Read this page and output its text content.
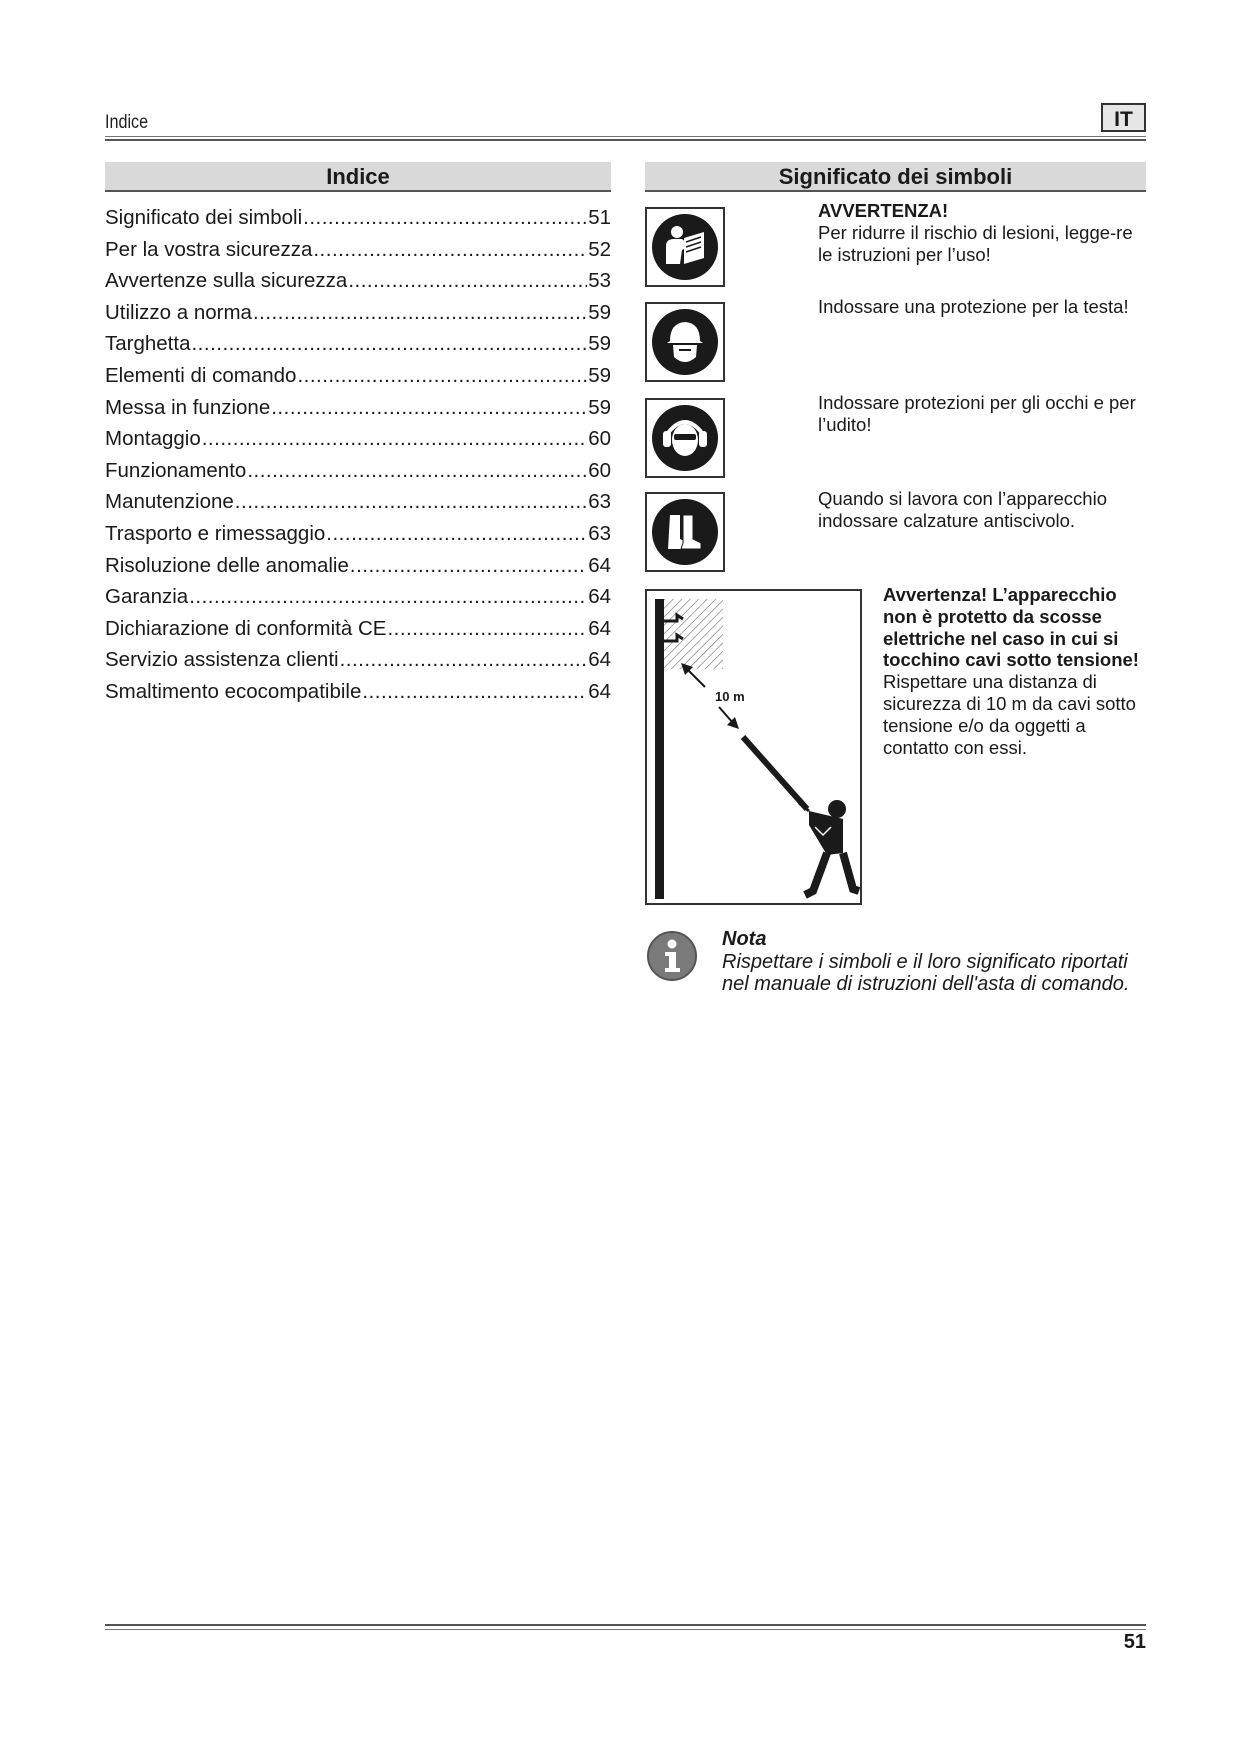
Indice	IT
Indice
Significato dei simboli .....	51
Per la vostra sicurezza .....	52
Avvertenze sulla sicurezza .....	53
Utilizzo a norma .....	59
Targhetta .....	59
Elementi di comando .....	59
Messa in funzione .....	59
Montaggio .....	60
Funzionamento .....	60
Manutenzione .....	63
Trasporto e rimessaggio .....	63
Risoluzione delle anomalie .....	64
Garanzia .....	64
Dichiarazione di conformità CE .....	64
Servizio assistenza clienti .....	64
Smaltimento ecocompatibile .....	64
Significato dei simboli
AVVERTENZA!
Per ridurre il rischio di lesioni, legge-re le istruzioni per l’uso!
Indossare una protezione per la testa!
Indossare protezioni per gli occhi e per l’udito!
Quando si lavora con l’apparecchio indossare calzature antiscivolo.
10 m
Avvertenza! L’apparecchio non è protetto da scosse elettriche nel caso in cui si tocchino cavi sotto tensione!
Rispettare una distanza di sicurezza di 10 m da cavi sotto tensione e/o da oggetti a contatto con essi.
Nota
Rispettare i simboli e il loro significato riportati nel manuale di istruzioni dell'asta di comando.
51
